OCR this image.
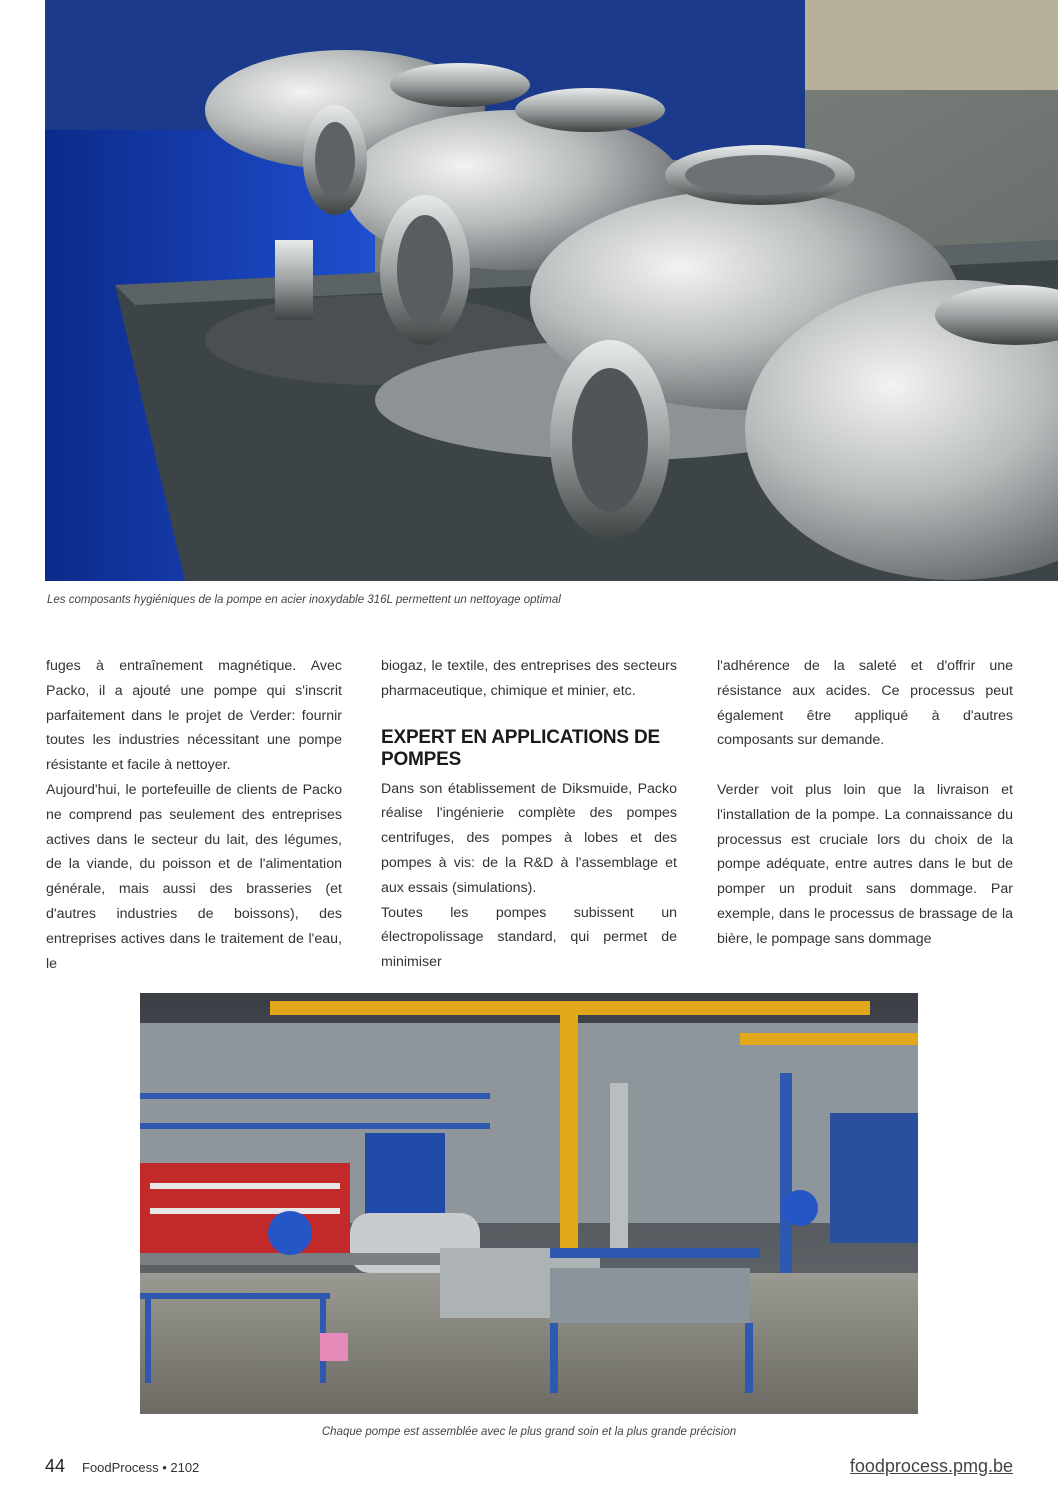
Les composants hygiéniques de la pompe en acier inoxydable 316L permettent un nettoyage optimal

fuges à entraînement magnétique. Avec Packo, il a ajouté une pompe qui s'inscrit parfaitement dans le projet de Verder: fournir toutes les industries nécessitant une pompe résistante et facile à nettoyer.

Aujourd'hui, le portefeuille de clients de Packo ne comprend pas seulement des entreprises actives dans le secteur du lait, des légumes, de la viande, du poisson et de l'alimentation générale, mais aussi des brasseries (et d'autres industries de boissons), des entreprises actives dans le traitement de l'eau, le

biogaz, le textile, des entreprises des secteurs pharmaceutique, chimique et minier, etc.

EXPERT EN APPLICATIONS DE POMPES

Dans son établissement de Diksmuide, Packo réalise l'ingénierie complète des pompes centrifuges, des pompes à lobes et des pompes à vis: de la R&D à l'assemblage et aux essais (simulations).

Toutes les pompes subissent un électropolissage standard, qui permet de minimiser

l'adhérence de la saleté et d'offrir une résistance aux acides. Ce processus peut également être appliqué à d'autres composants sur demande.

Verder voit plus loin que la livraison et l'installation de la pompe. La connaissance du processus est cruciale lors du choix de la pompe adéquate, entre autres dans le but de pomper un produit sans dommage. Par exemple, dans le processus de brassage de la bière, le pompage sans dommage

Chaque pompe est assemblée avec le plus grand soin et la plus grande précision
44 FoodProcess • 2102	foodprocess.pmg.be
